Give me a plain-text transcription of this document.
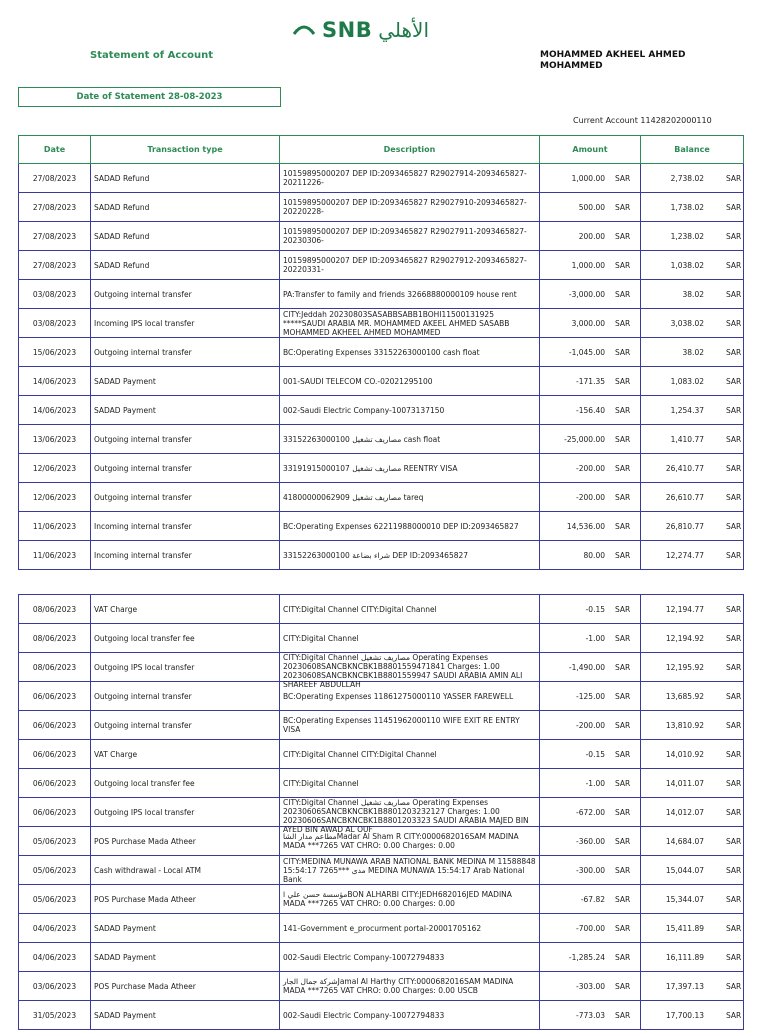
SNB الأهلي
Statement of Account	MOHAMMED AKHEEL AHMED MOHAMMED
Date of Statement 28-08-2023
Current Account 11428202000110
Date	Transaction type	Description	Amount	Balance
27/08/2023	SADAD Refund	10159895000207 DEP ID:2093465827 R29027914-2093465827-20211226-	1,000.00 SAR	2,738.02 SAR

27/08/2023	SADAD Refund	10159895000207 DEP ID:2093465827 R29027910-2093465827-20220228-	500.00 SAR	1,738.02 SAR

27/08/2023	SADAD Refund	10159895000207 DEP ID:2093465827 R29027911-2093465827-20230306-	200.00 SAR	1,238.02 SAR

27/08/2023	SADAD Refund	10159895000207 DEP ID:2093465827 R29027912-2093465827-20220331-	1,000.00 SAR	1,038.02 SAR

03/08/2023	Outgoing internal transfer	PA:Transfer to family and friends 32668880000109 house rent	-3,000.00 SAR	38.02 SAR

03/08/2023	Incoming IPS local transfer	CITY:Jeddah 20230803SASABBSABB1BOHI11500131925 *****SAUDI ARABIA MR. MOHAMMED AKEEL AHMED SASABB MOHAMMED AKHEEL AHMED MOHAMMED	3,000.00 SAR	3,038.02 SAR

15/06/2023	Outgoing internal transfer	BC:Operating Expenses 33152263000100 cash float	-1,045.00 SAR	38.02 SAR

14/06/2023	SADAD Payment	001-SAUDI TELECOM CO.-02021295100	-171.35 SAR	1,083.02 SAR

14/06/2023	SADAD Payment	002-Saudi Electric Company-10073137150	-156.40 SAR	1,254.37 SAR

13/06/2023	Outgoing internal transfer	33152263000100 مصاريف تشغيل cash float	-25,000.00 SAR	1,410.77 SAR

12/06/2023	Outgoing internal transfer	33191915000107 مصاريف تشغيل REENTRY VISA	-200.00 SAR	26,410.77 SAR

12/06/2023	Outgoing internal transfer	41800000062909 مصاريف تشغيل tareq	-200.00 SAR	26,610.77 SAR

11/06/2023	Incoming internal transfer	BC:Operating Expenses 62211988000010 DEP ID:2093465827	14,536.00 SAR	26,810.77 SAR

11/06/2023	Incoming internal transfer	33152263000100 شراء بضاعة DEP ID:2093465827	80.00 SAR	12,274.77 SAR
08/06/2023	VAT Charge	CITY:Digital Channel CITY:Digital Channel	-0.15 SAR	12,194.77 SAR

08/06/2023	Outgoing local transfer fee	CITY:Digital Channel	-1.00 SAR	12,194.92 SAR

08/06/2023	Outgoing IPS local transfer	CITY:Digital Channel مصاريف تشغيل Operating Expenses 20230608SANCBKNCBK1B8801559471841 Charges: 1.00 20230608SANCBKNCBK1B8801559947 SAUDI ARABIA AMIN ALI SHAREEF ABDULLAH	-1,490.00 SAR	12,195.92 SAR

06/06/2023	Outgoing internal transfer	BC:Operating Expenses 11861275000110 YASSER FAREWELL	-125.00 SAR	13,685.92 SAR

06/06/2023	Outgoing internal transfer	BC:Operating Expenses 11451962000110 WIFE EXIT RE ENTRY VISA	-200.00 SAR	13,810.92 SAR

06/06/2023	VAT Charge	CITY:Digital Channel CITY:Digital Channel	-0.15 SAR	14,010.92 SAR

06/06/2023	Outgoing local transfer fee	CITY:Digital Channel	-1.00 SAR	14,011.07 SAR

06/06/2023	Outgoing IPS local transfer	CITY:Digital Channel مصاريف تشغيل Operating Expenses 20230606SANCBKNCBK1B8801203232127 Charges: 1.00 20230606SANCBKNCBK1B8801203323 SAUDI ARABIA MAJED BIN AYED BIN AWAD AL OUF	-672.00 SAR	14,012.07 SAR

05/06/2023	POS Purchase Mada Atheer	مطاعم مدار الشاMadar Al Sham R CITY:0000682016SAM MADINA MADA ***7265 VAT CHRO: 0.00 Charges: 0.00	-360.00 SAR	14,684.07 SAR

05/06/2023	Cash withdrawal - Local ATM	CITY:MEDINA MUNAWA ARAB NATIONAL BANK MEDINA M 11588848 15:54:17 7265*** مدى MEDINA MUNAWA 15:54:17 Arab National Bank	-300.00 SAR	15,044.07 SAR

05/06/2023	POS Purchase Mada Atheer	مؤسسة حسن علي اBON ALHARBI CITY:JEDH682016JED MADINA MADA ***7265 VAT CHRO: 0.00 Charges: 0.00	-67.82 SAR	15,344.07 SAR

04/06/2023	SADAD Payment	141-Government e_procurment portal-20001705162	-700.00 SAR	15,411.89 SAR

04/06/2023	SADAD Payment	002-Saudi Electric Company-10072794833	-1,285.24 SAR	16,111.89 SAR

03/06/2023	POS Purchase Mada Atheer	شركة جمال الجارJamal Al Harthy CITY:0000682016SAM MADINA MADA ***7265 VAT CHRO: 0.00 Charges: 0.00 USCB	-303.00 SAR	17,397.13 SAR

31/05/2023	SADAD Payment	002-Saudi Electric Company-10072794833	-773.03 SAR	17,700.13 SAR
